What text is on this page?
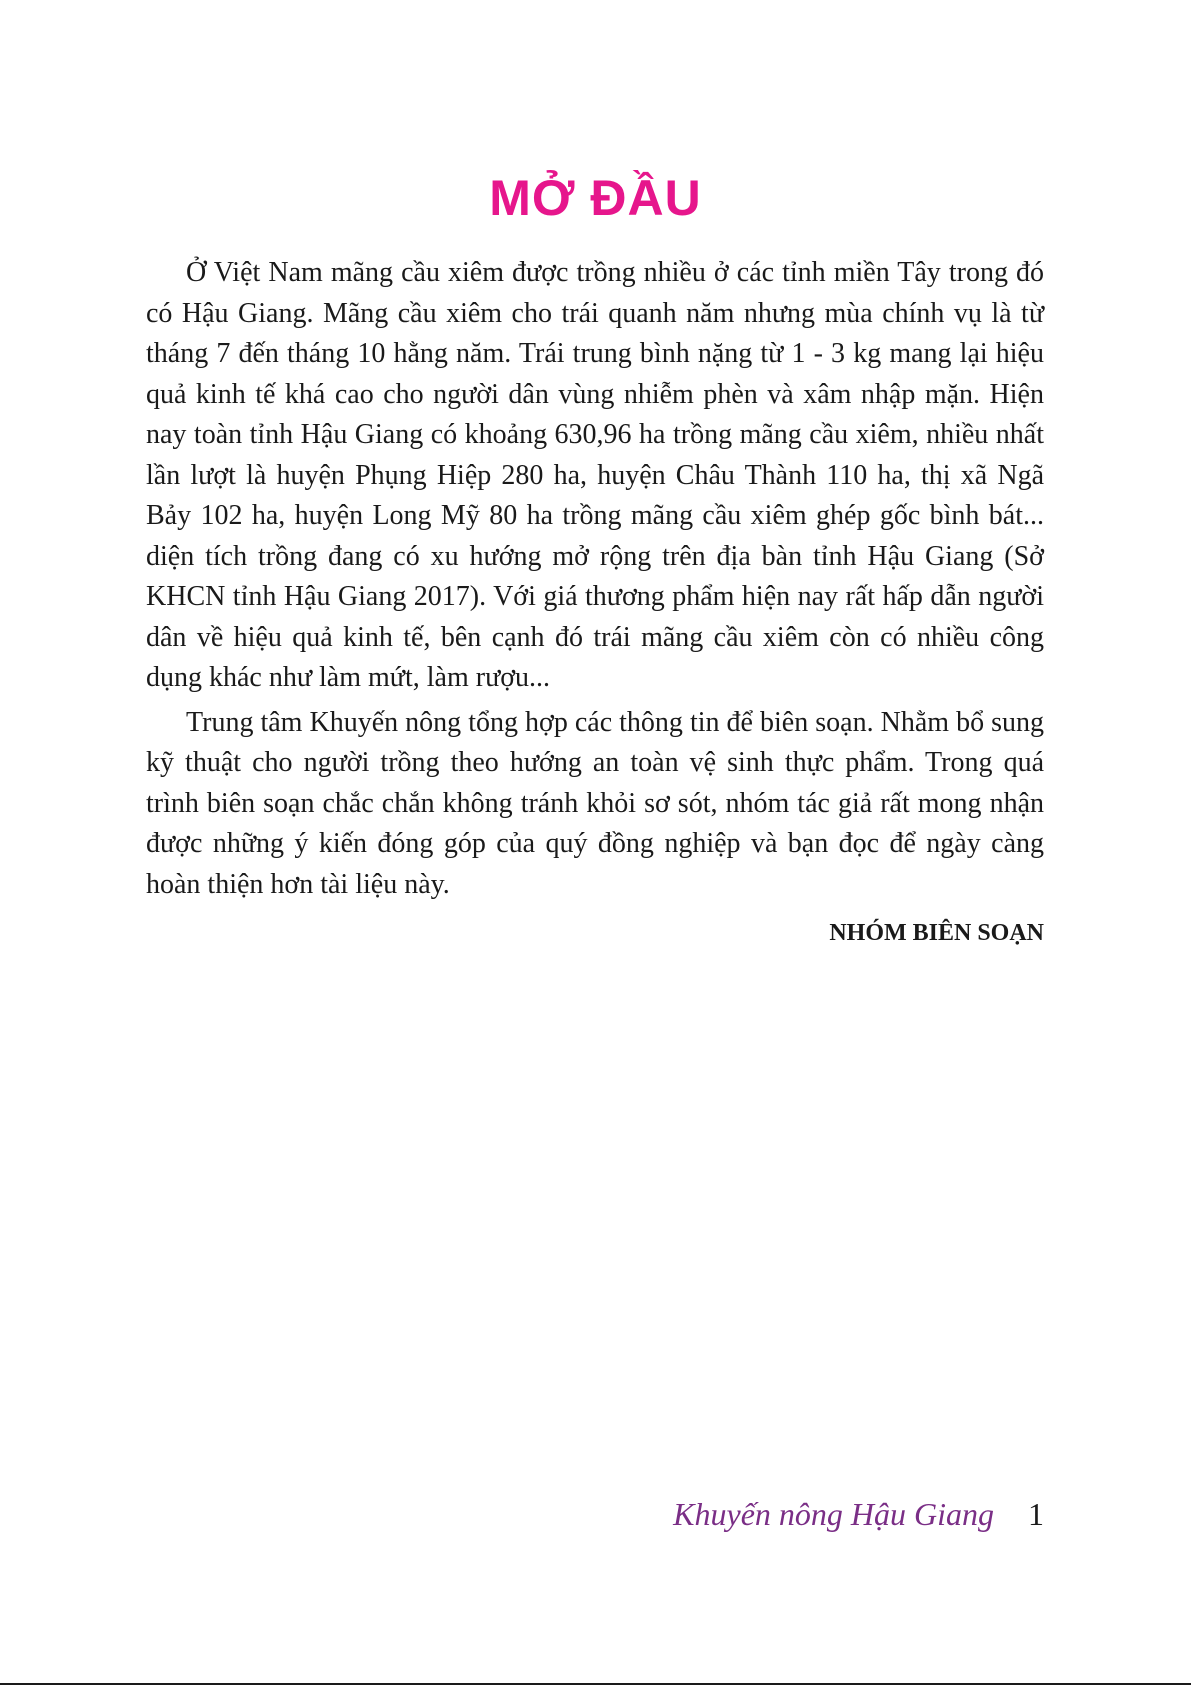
MỞ ĐẦU

Ở Việt Nam mãng cầu xiêm được trồng nhiều ở các tỉnh miền Tây trong đó có Hậu Giang. Mãng cầu xiêm cho trái quanh năm nhưng mùa chính vụ là từ tháng 7 đến tháng 10 hằng năm. Trái trung bình nặng từ 1 - 3 kg mang lại hiệu quả kinh tế khá cao cho người dân vùng nhiễm phèn và xâm nhập mặn. Hiện nay toàn tỉnh Hậu Giang có khoảng 630,96 ha trồng mãng cầu xiêm, nhiều nhất lần lượt là huyện Phụng Hiệp 280 ha, huyện Châu Thành 110 ha, thị xã Ngã Bảy 102 ha, huyện Long Mỹ 80 ha trồng mãng cầu xiêm ghép gốc bình bát... diện tích trồng đang có xu hướng mở rộng trên địa bàn tỉnh Hậu Giang (Sở KHCN tỉnh Hậu Giang 2017). Với giá thương phẩm hiện nay rất hấp dẫn người dân về hiệu quả kinh tế, bên cạnh đó trái mãng cầu xiêm còn có nhiều công dụng khác như làm mứt, làm rượu...

Trung tâm Khuyến nông tổng hợp các thông tin để biên soạn. Nhằm bổ sung kỹ thuật cho người trồng theo hướng an toàn vệ sinh thực phẩm. Trong quá trình biên soạn chắc chắn không tránh khỏi sơ sót, nhóm tác giả rất mong nhận được những ý kiến đóng góp của quý đồng nghiệp và bạn đọc để ngày càng hoàn thiện hơn tài liệu này.

NHÓM BIÊN SOẠN
Khuyến nông Hậu Giang 1
